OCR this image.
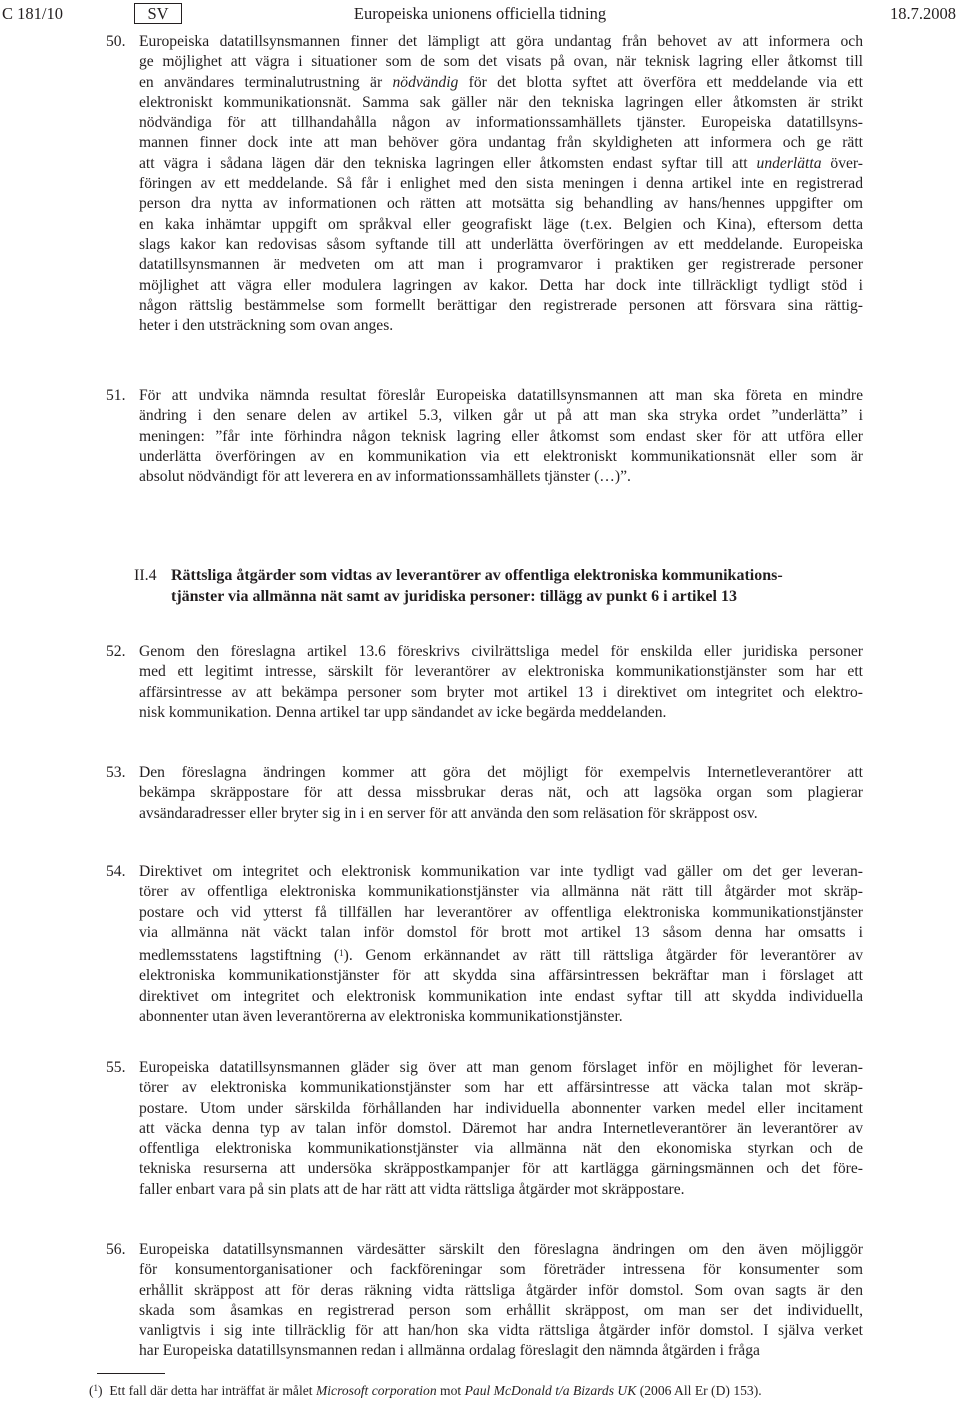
C 181/10	Europeiska unionens officiella tidning
SV	18.7.2008
50. Europeiska datatillsynsmannen finner det lämpligt att göra undantag från behovet av att informera och
ge möjlighet att vägra i situationer som de som det visats på ovan, när teknisk lagring eller åtkomst till
en användares terminalutrustning är nödvändig för det blotta syftet att överföra ett meddelande via ett
elektroniskt kommunikationsnät. Samma sak gäller när den tekniska lagringen eller åtkomsten är strikt
nödvändiga för att tillhandahålla någon av informationssamhällets tjänster. Europeiska datatillsyns-
mannen finner dock inte att man behöver göra undantag från skyldigheten att informera och ge rätt
att vägra i sådana lägen där den tekniska lagringen eller åtkomsten endast syftar till att underlätta över-
föringen av ett meddelande. Så får i enlighet med den sista meningen i denna artikel inte en registrerad
person dra nytta av informationen och rätten att motsätta sig behandling av hans/hennes uppgifter om
en kaka inhämtar uppgift om språkval eller geografiskt läge (t.ex. Belgien och Kina), eftersom detta
slags kakor kan redovisas såsom syftande till att underlätta överföringen av ett meddelande. Europeiska
datatillsynsmannen är medveten om att man i programvaror i praktiken ger registrerade personer
möjlighet att vägra eller modulera lagringen av kakor. Detta har dock inte tillräckligt tydligt stöd i
någon rättslig bestämmelse som formellt berättigar den registrerade personen att försvara sina rättig-
heter i den utsträckning som ovan anges.
51. För att undvika nämnda resultat föreslår Europeiska datatillsynsmannen att man ska företa en mindre
ändring i den senare delen av artikel 5.3, vilken går ut på att man ska stryka ordet ”underlätta” i
meningen: ”får inte förhindra någon teknisk lagring eller åtkomst som endast sker för att utföra eller
underlätta överföringen av en kommunikation via ett elektroniskt kommunikationsnät eller som är
absolut nödvändigt för att leverera en av informationssamhällets tjänster (…)”.
II.4 Rättsliga åtgärder som vidtas av leverantörer av offentliga elektroniska kommunikations-
tjänster via allmänna nät samt av juridiska personer: tillägg av punkt 6 i artikel 13
52. Genom den föreslagna artikel 13.6 föreskrivs civilrättsliga medel för enskilda eller juridiska personer
med ett legitimt intresse, särskilt för leverantörer av elektroniska kommunikationstjänster som har ett
affärsintresse av att bekämpa personer som bryter mot artikel 13 i direktivet om integritet och elektro-
nisk kommunikation. Denna artikel tar upp sändandet av icke begärda meddelanden.
53. Den föreslagna ändringen kommer att göra det möjligt för exempelvis Internetleverantörer att
bekämpa skräppostare för att dessa missbrukar deras nät, och att lagsöka organ som plagierar
avsändaradresser eller bryter sig in i en server för att använda den som reläsation för skräppost osv.
54. Direktivet om integritet och elektronisk kommunikation var inte tydligt vad gäller om det ger leveran-
törer av offentliga elektroniska kommunikationstjänster via allmänna nät rätt till åtgärder mot skräp-
postare och vid ytterst få tillfällen har leverantörer av offentliga elektroniska kommunikationstjänster
via allmänna nät väckt talan inför domstol för brott mot artikel 13 såsom denna har omsatts i
medlemsstatens lagstiftning ($^1$). Genom erkännandet av rätt till rättsliga åtgärder för leverantörer av
elektroniska kommunikationstjänster för att skydda sina affärsintressen bekräftar man i förslaget att
direktivet om integritet och elektronisk kommunikation inte endast syftar till att skydda individuella
abonnenter utan även leverantörerna av elektroniska kommunikationstjänster.
55. Europeiska datatillsynsmannen gläder sig över att man genom förslaget inför en möjlighet för leveran-
törer av elektroniska kommunikationstjänster som har ett affärsintresse att väcka talan mot skräp-
postare. Utom under särskilda förhållanden har individuella abonnenter varken medel eller incitament
att väcka denna typ av talan inför domstol. Däremot har andra Internetleverantörer än leverantörer av
offentliga elektroniska kommunikationstjänster via allmänna nät den ekonomiska styrkan och de
tekniska resurserna att undersöka skräppostkampanjer för att kartlägga gärningsmännen och det före-
faller enbart vara på sin plats att de har rätt att vidta rättsliga åtgärder mot skräppostare.
56. Europeiska datatillsynsmannen värdesätter särskilt den föreslagna ändringen om den även möjliggör
för konsumentorganisationer och fackföreningar som företräder intressena för konsumenter som
erhållit skräppost att för deras räkning vidta rättsliga åtgärder inför domstol. Som ovan sagts är den
skada som åsamkas en registrerad person som erhållit skräppost, om man ser det individuellt,
vanligtvis i sig inte tillräcklig för att han/hon ska vidta rättsliga åtgärder inför domstol. I själva verket
har Europeiska datatillsynsmannen redan i allmänna ordalag föreslagit den nämnda åtgärden i fråga
($^1$)  Ett fall där detta har inträffat är målet Microsoft corporation mot Paul McDonald t/a Bizards UK (2006 All Er (D) 153).
